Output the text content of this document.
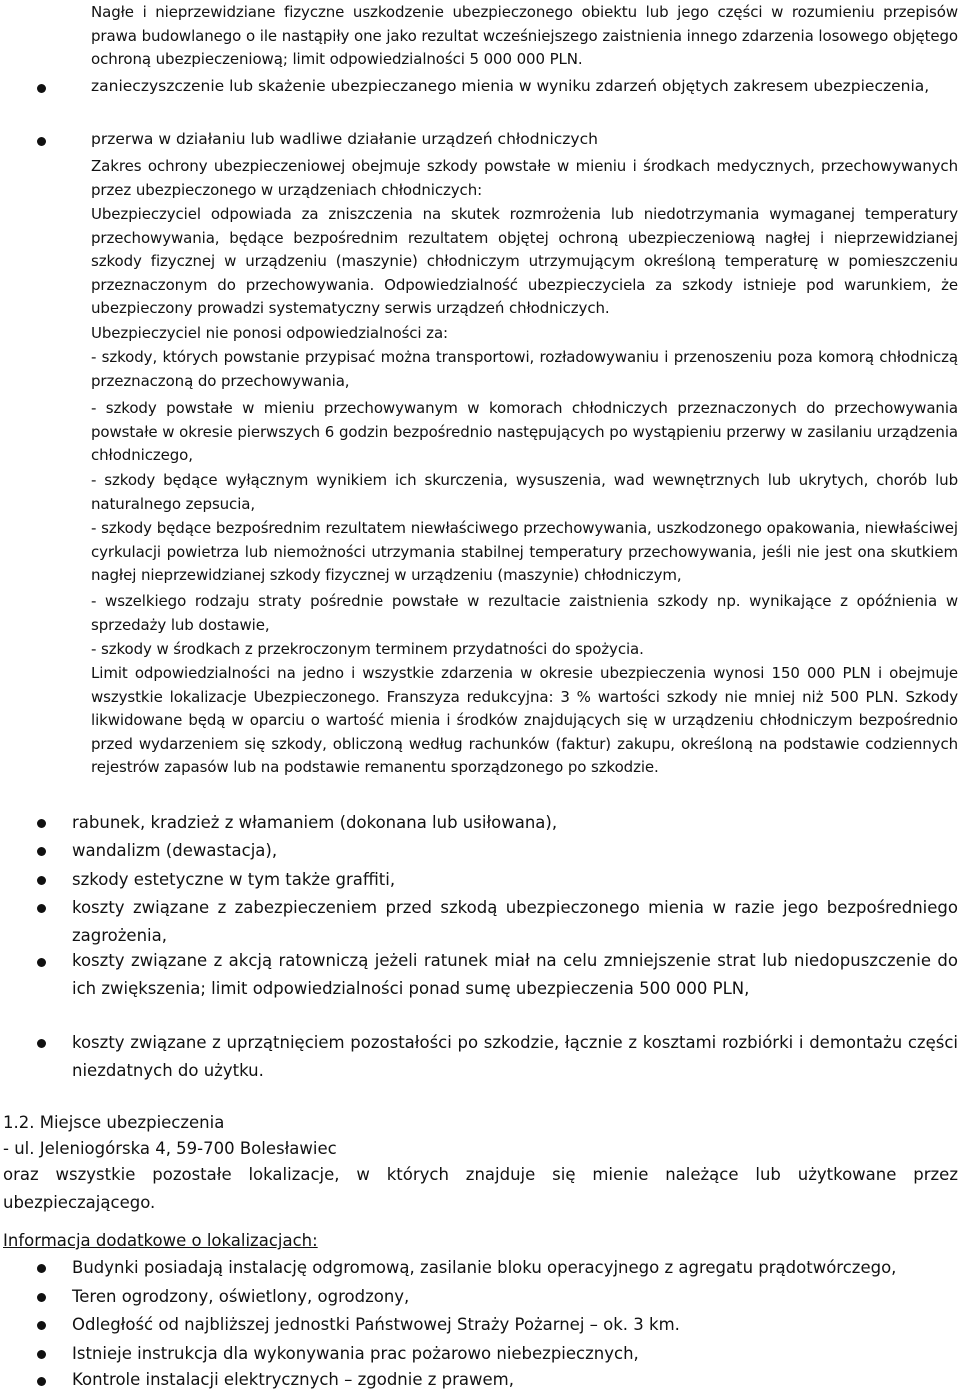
Nagłe i nieprzewidziane fizyczne uszkodzenie ubezpieczonego obiektu lub jego części w rozumieniu przepisów prawa budowlanego o ile nastąpiły one jako rezultat wcześniejszego zaistnienia innego zdarzenia losowego objętego ochroną ubezpieczeniową; limit odpowiedzialności 5 000 000 PLN.

zanieczyszczenie lub skażenie ubezpieczanego mienia w wyniku zdarzeń objętych zakresem ubezpieczenia,

przerwa w działaniu lub wadliwe działanie urządzeń chłodniczych

Zakres ochrony ubezpieczeniowej obejmuje szkody powstałe w mieniu i środkach medycznych, przechowywanych przez ubezpieczonego w urządzeniach chłodniczych:

Ubezpieczyciel odpowiada za zniszczenia na skutek rozmrożenia lub niedotrzymania wymaganej temperatury przechowywania, będące bezpośrednim rezultatem objętej ochroną ubezpieczeniową nagłej i nieprzewidzianej szkody fizycznej w urządzeniu (maszynie) chłodniczym utrzymującym określoną temperaturę w pomieszczeniu przeznaczonym do przechowywania. Odpowiedzialność ubezpieczyciela za szkody istnieje pod warunkiem, że ubezpieczony prowadzi systematyczny serwis urządzeń chłodniczych.

Ubezpieczyciel nie ponosi odpowiedzialności za:

- szkody, których powstanie przypisać można transportowi, rozładowywaniu i przenoszeniu poza komorą chłodniczą przeznaczoną do przechowywania,

- szkody powstałe w mieniu przechowywanym w komorach chłodniczych przeznaczonych do przechowywania powstałe w okresie pierwszych 6 godzin bezpośrednio następujących po wystąpieniu przerwy w zasilaniu urządzenia chłodniczego,

- szkody będące wyłącznym wynikiem ich skurczenia, wysuszenia, wad wewnętrznych lub ukrytych, chorób lub naturalnego zepsucia,

- szkody będące bezpośrednim rezultatem niewłaściwego przechowywania, uszkodzonego opakowania, niewłaściwej cyrkulacji powietrza lub niemożności utrzymania stabilnej temperatury przechowywania, jeśli nie jest ona skutkiem nagłej nieprzewidzianej szkody fizycznej w urządzeniu (maszynie) chłodniczym,

- wszelkiego rodzaju straty pośrednie powstałe w rezultacie zaistnienia szkody np. wynikające z opóźnienia w sprzedaży lub dostawie,

- szkody w środkach z przekroczonym terminem przydatności do spożycia.

Limit odpowiedzialności na jedno i wszystkie zdarzenia w okresie ubezpieczenia wynosi 150 000 PLN i obejmuje wszystkie lokalizacje Ubezpieczonego. Franszyza redukcyjna: 3 % wartości szkody nie mniej niż 500 PLN. Szkody likwidowane będą w oparciu o wartość mienia i środków znajdujących się w urządzeniu chłodniczym bezpośrednio przed wydarzeniem się szkody, obliczoną według rachunków (faktur) zakupu, określoną na podstawie codziennych rejestrów zapasów lub na podstawie remanentu sporządzonego po szkodzie.

rabunek, kradzież z włamaniem (dokonana lub usiłowana),

wandalizm (dewastacja),

szkody estetyczne w tym także graffiti,

koszty związane z zabezpieczeniem przed szkodą ubezpieczonego mienia w razie jego bezpośredniego zagrożenia,

koszty związane z akcją ratowniczą jeżeli ratunek miał na celu zmniejszenie strat lub niedopuszczenie do ich zwiększenia; limit odpowiedzialności ponad sumę ubezpieczenia 500 000 PLN,

koszty związane z uprzątnięciem pozostałości po szkodzie, łącznie z kosztami rozbiórki i demontażu części niezdatnych do użytku.

1.2. Miejsce ubezpieczenia

- ul. Jeleniogórska 4, 59-700 Bolesławiec

oraz wszystkie pozostałe lokalizacje, w których znajduje się mienie należące lub użytkowane przez ubezpieczającego.

Informacja dodatkowe o lokalizacjach:

Budynki posiadają instalację odgromową, zasilanie bloku operacyjnego z agregatu prądotwórczego,

Teren ogrodzony, oświetlony, ogrodzony,

Odległość od najbliższej jednostki Państwowej Straży Pożarnej – ok. 3 km.

Istnieje instrukcja dla wykonywania prac pożarowo niebezpiecznych,

Kontrole instalacji elektrycznych – zgodnie z prawem,
